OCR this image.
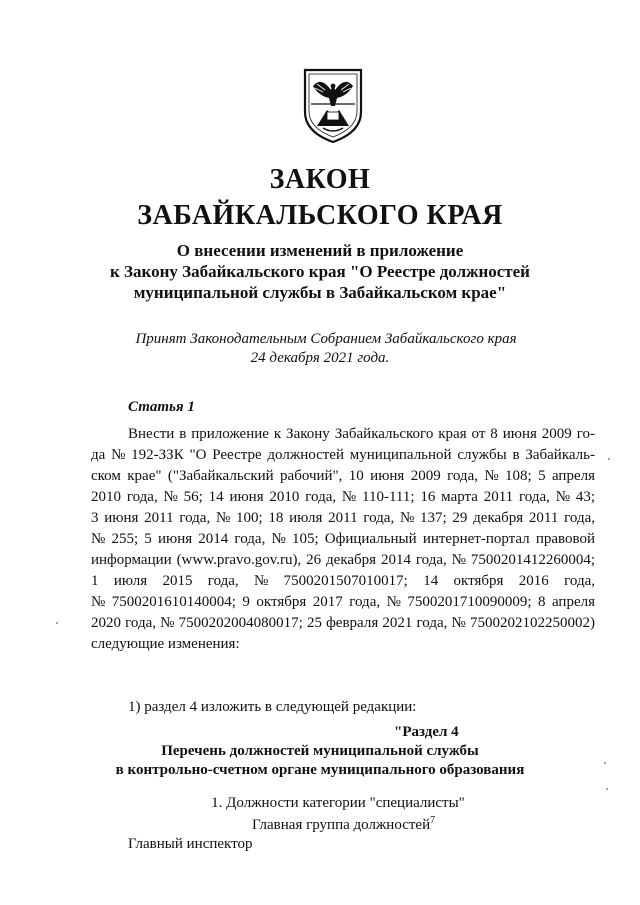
ЗАКОН
ЗАБАЙКАЛЬСКОГО КРАЯ
О внесении изменений в приложение
к Закону Забайкальского края "О Реестре должностей
муниципальной службы в Забайкальском крае"
Принят Законодательным Собранием Забайкальского края
24 декабря 2021 года.
Статья 1
Внести в приложение к Закону Забайкальского края от 8 июня 2009 го-
да № 192-ЗЗК "О Реестре должностей муниципальной службы в Забайкаль-
ском крае" ("Забайкальский рабочий", 10 июня 2009 года, № 108; 5 апреля
2010 года, № 56; 14 июня 2010 года, № 110-111; 16 марта 2011 года, № 43;
3 июня 2011 года, № 100; 18 июля 2011 года, № 137; 29 декабря 2011 года,
№ 255; 5 июня 2014 года, № 105; Официальный интернет-портал правовой
информации (www.pravo.gov.ru), 26 декабря 2014 года, № 7500201412260004;
1 июля 2015 года, № 7500201507010017; 14 октября 2016 года,
№ 7500201610140004; 9 октября 2017 года, № 7500201710090009; 8 апреля
2020 года, № 7500202004080017; 25 февраля 2021 года, № 7500202102250002)
следующие изменения:
1) раздел 4 изложить в следующей редакции:
"Раздел 4
Перечень должностей муниципальной службы
в контрольно-счетном органе муниципального образования
1. Должности категории "специалисты"
Главная группа должностей$^7$
Главный инспектор
